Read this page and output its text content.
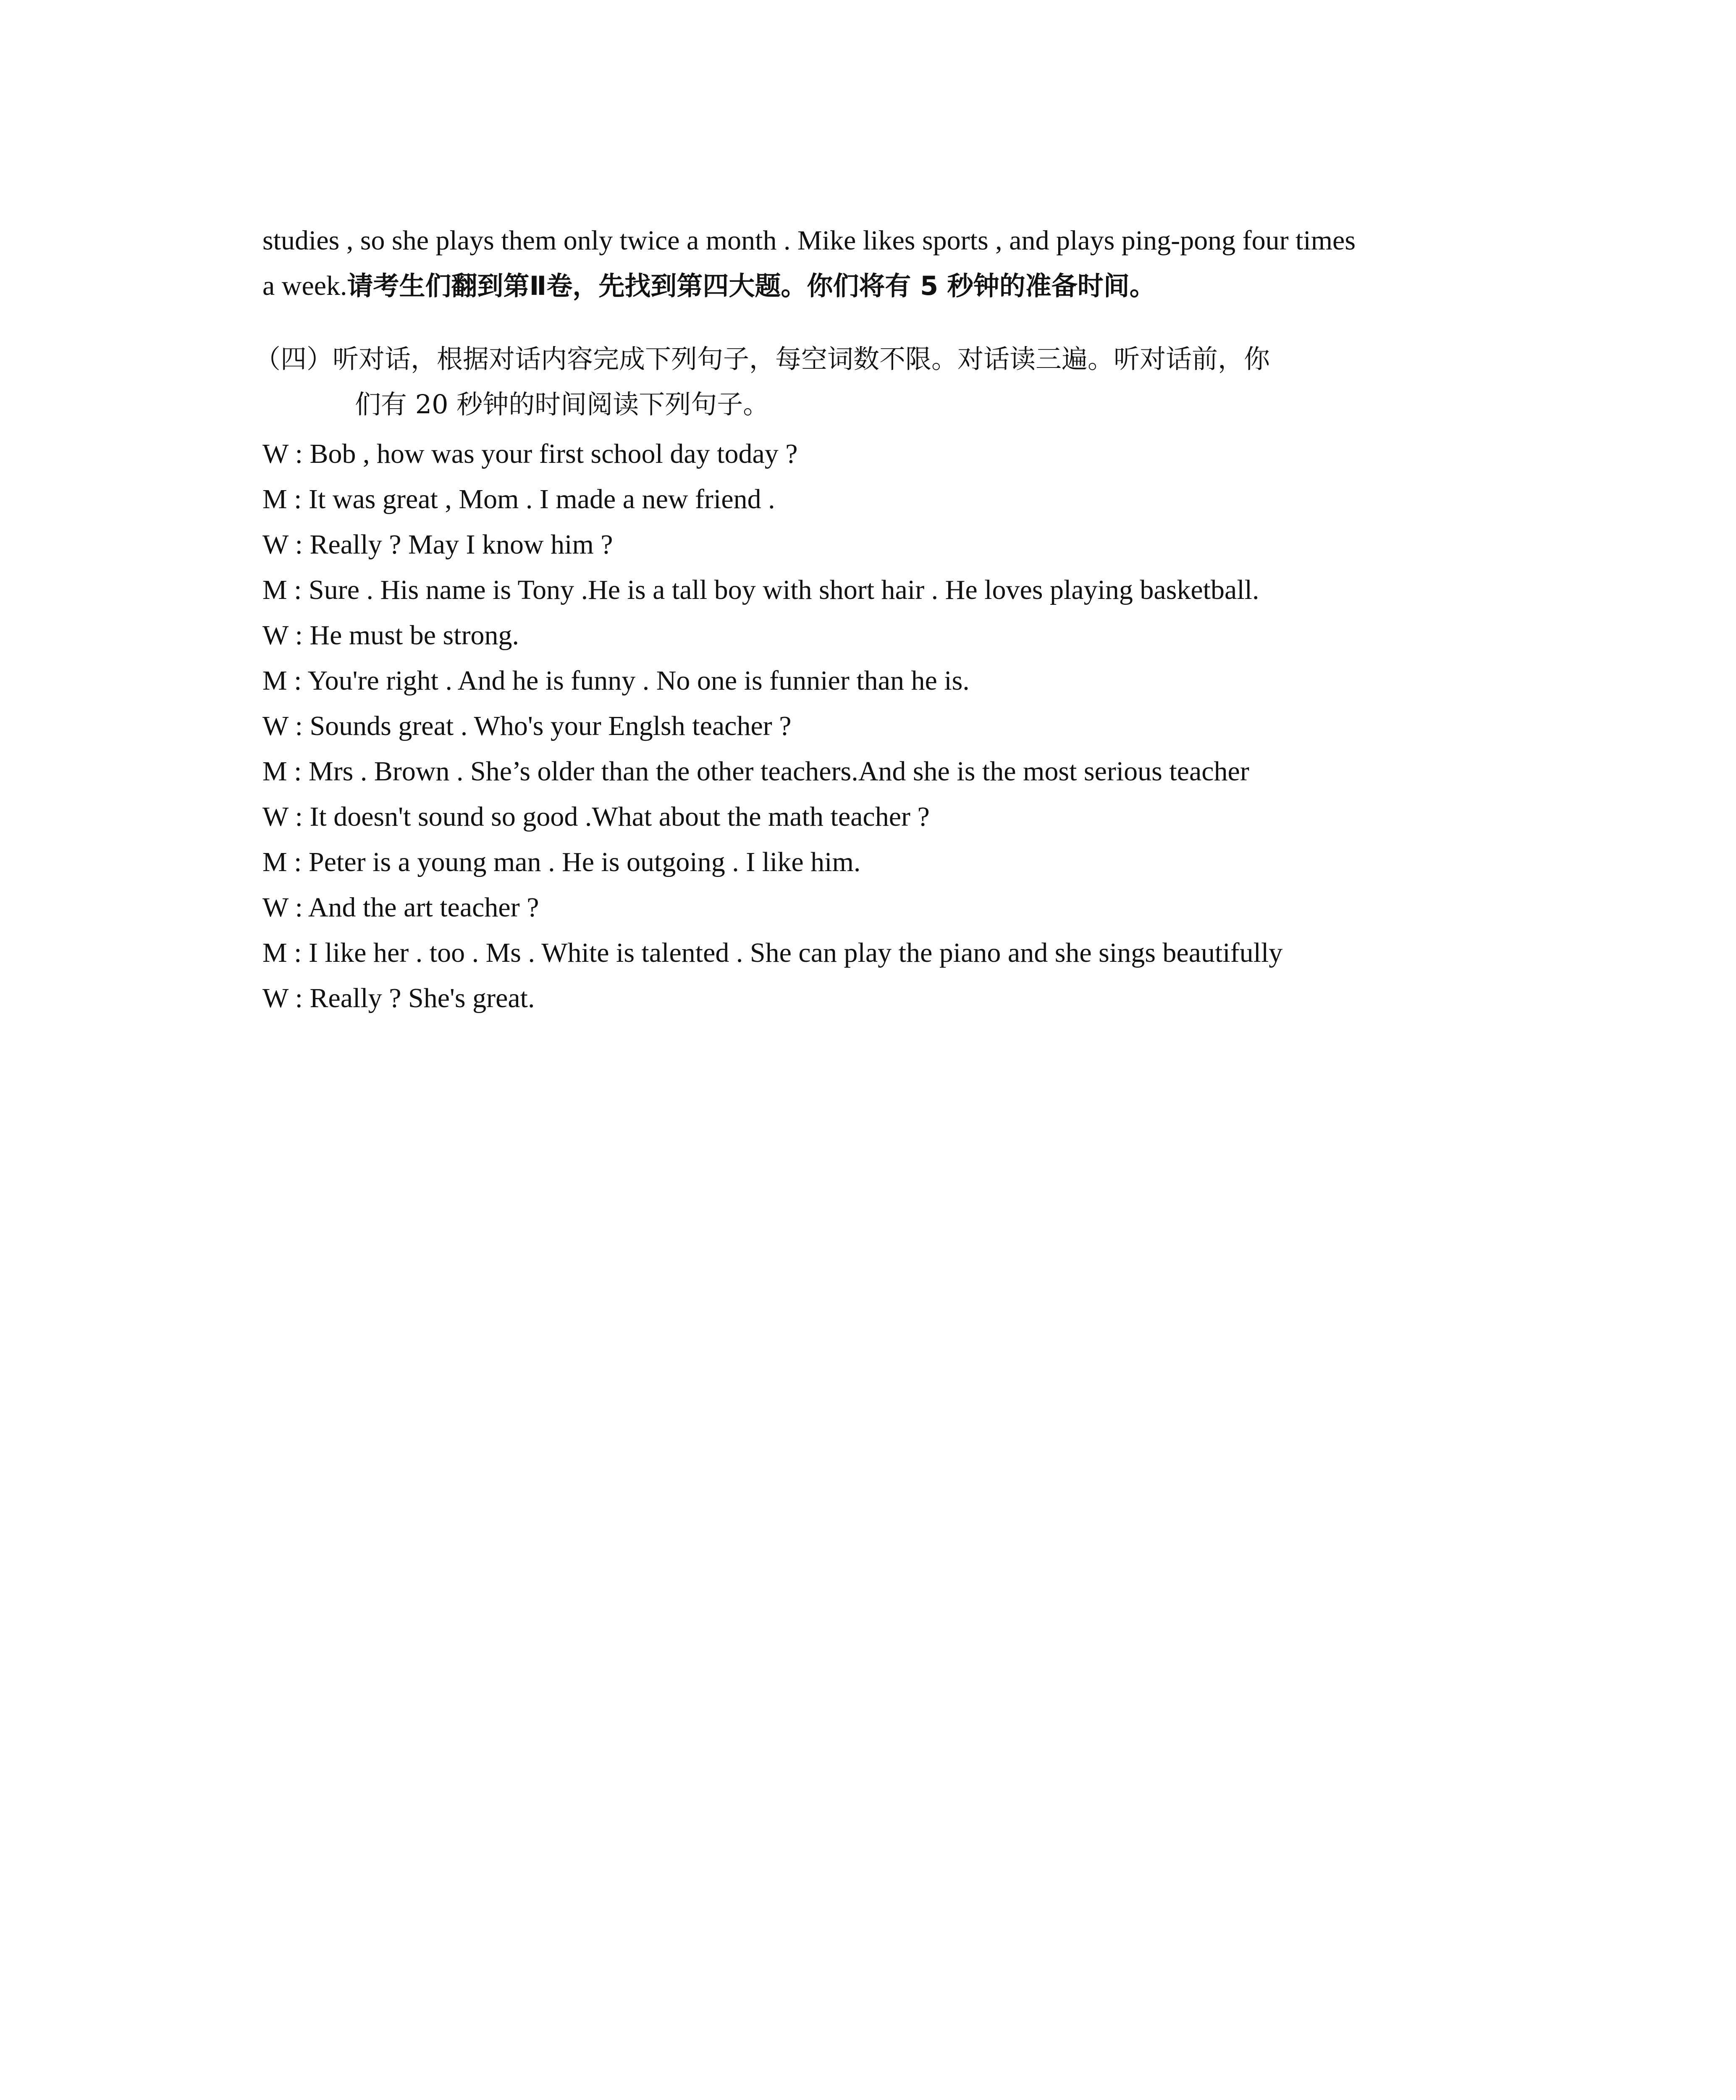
studies , so she plays them only twice a month . Mike likes sports , and plays ping-pong four times
a week.请考生们翻到第Ⅱ卷，先找到第四大题。你们将有 5 秒钟的准备时间。
（四）听对话，根据对话内容完成下列句子，每空词数不限。对话读三遍。听对话前，你
们有 20 秒钟的时间阅读下列句子。
W : Bob , how was your first school day today ?
M : It was great , Mom . I made a new friend .
W : Really ? May I know him ?
M : Sure . His name is Tony .He is a tall boy with short hair . He loves playing basketball.
W : He must be strong.
M : You're right . And he is funny . No one is funnier than he is.
W : Sounds great . Who's your Englsh teacher ?
M : Mrs . Brown . She’s older than the other teachers.And she is the most serious teacher
W : It doesn't sound so good .What about the math teacher ?
M : Peter is a young man . He is outgoing . I like him.
W : And the art teacher ?
M : I like her . too . Ms . White is talented . She can play the piano and she sings beautifully
W : Really ? She's great.
